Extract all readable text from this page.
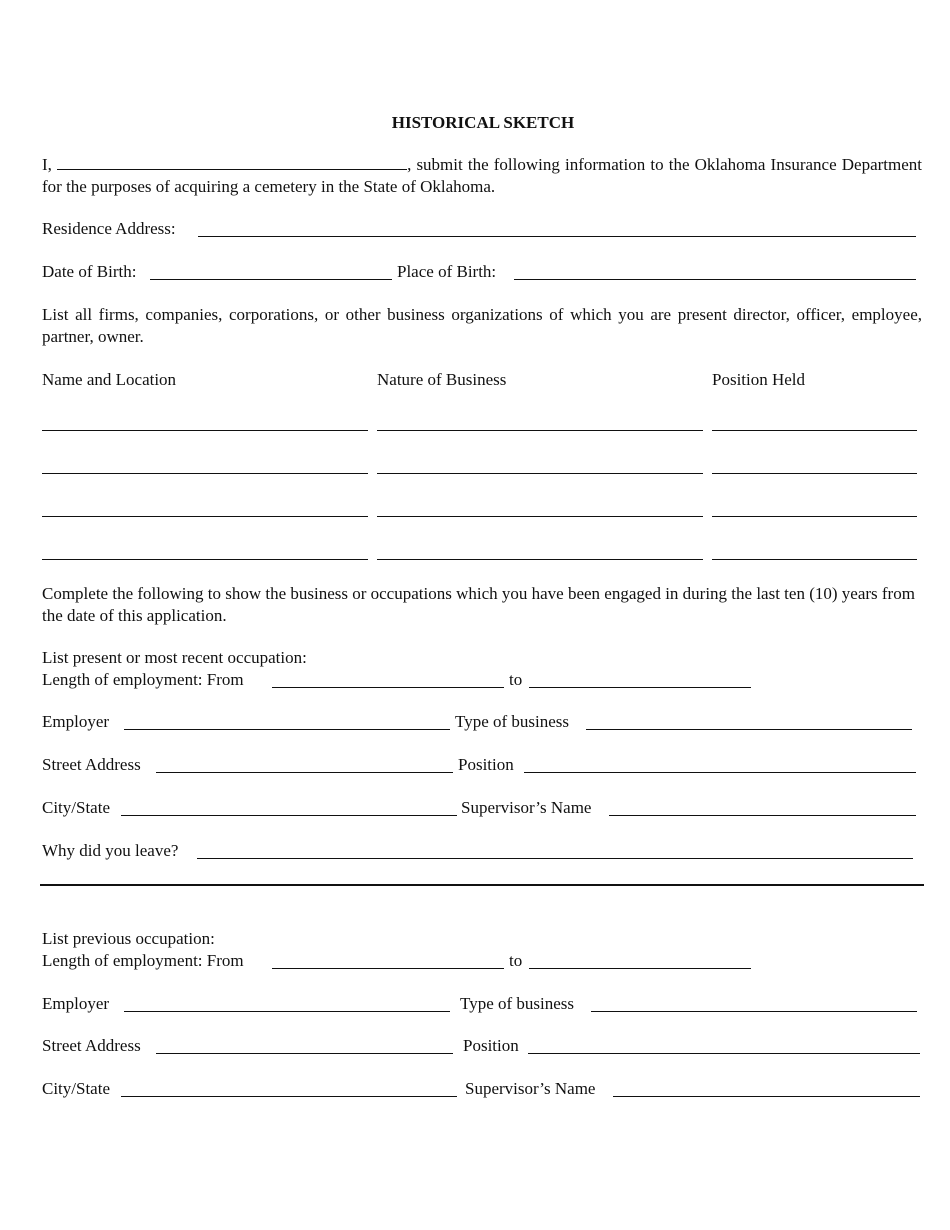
HISTORICAL SKETCH
I,	, submit the following information to the Oklahoma Insurance Department for the purposes of acquiring a cemetery in the State of Oklahoma.
Residence Address:
Date of Birth:	Place of Birth:
List all firms, companies, corporations, or other business organizations of which you are present director, officer, employee, partner, owner.
Name and Location	Nature of Business	Position Held
Complete the following to show the business or occupations which you have been engaged in during the last ten (10) years from the date of this application.
List present or most recent occupation:
Length of employment: From	to
Employer	Type of business
Street Address	Position
City/State	Supervisor’s Name
Why did you leave?
List previous occupation:
Length of employment: From	to
Employer	Type of business
Street Address	Position
City/State	Supervisor’s Name
